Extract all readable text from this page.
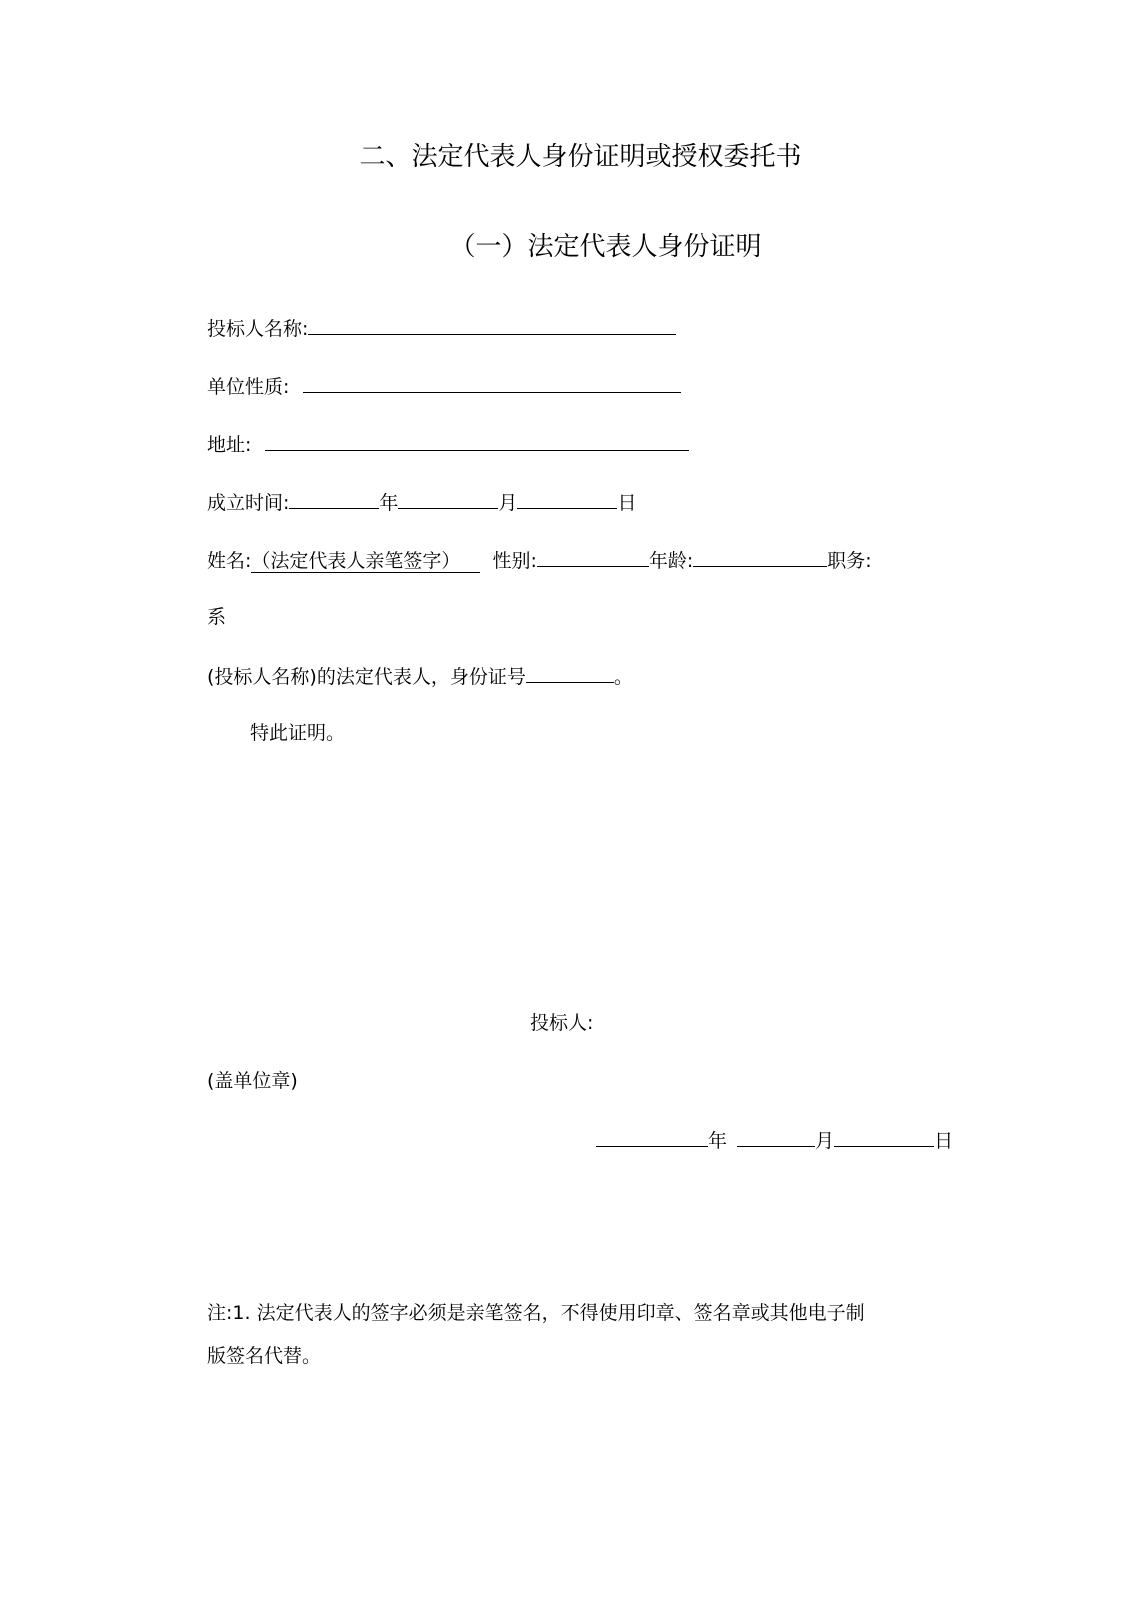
二、法定代表人身份证明或授权委托书
（一）法定代表人身份证明
投标人名称:
单位性质:
地址:
成立时间:	年	月	日
姓名:（法定代表人亲笔签字） 性别:	年龄:	职务:
系
(投标人名称)的法定代表人，身份证号	。
特此证明。
投标人:
(盖单位章)
年	月	日
注:1. 法定代表人的签字必须是亲笔签名，不得使用印章、签名章或其他电子制
版签名代替。
